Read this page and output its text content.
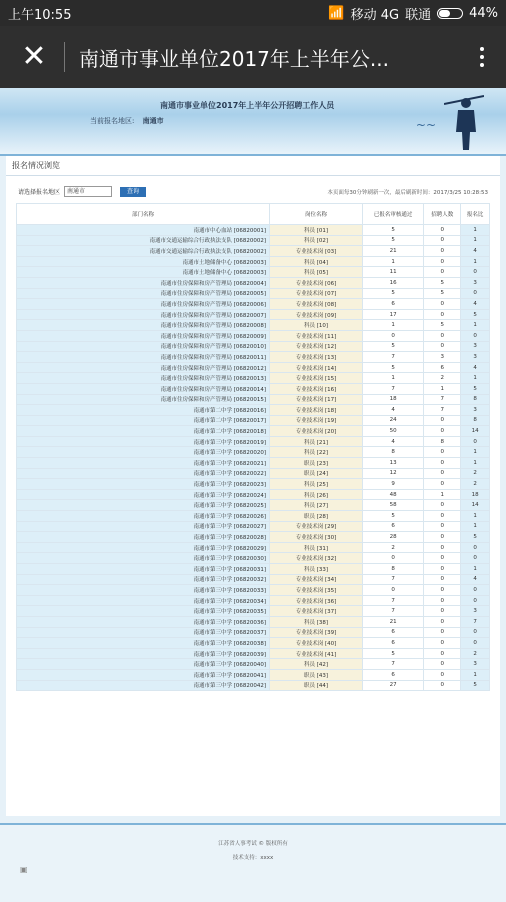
上午10:55	📶 移动 4G 联通	44%
✕	南通市事业单位2017年上半年公...
南通市事业单位2017年上半年公开招聘工作人员
当前报名地区: 南通市	~~
报名情况浏览
请选择报名地区	南通市	查询	本页面每30分钟刷新一次，最后刷新时间：2017/3/25 10:28:53
部门名称	岗位名称	已报名审核通过	招聘人数	报名比
南通市中心血站 [06820001]	科员 [01]	5	0	1
南通市交通运输综合行政执法支队 [06820002]	科员 [02]	5	0	1
南通市交通运输综合行政执法支队 [06820002]	专业技术岗 [03]	21	0	4
南通市土地储备中心 [06820003]	科员 [04]	1	0	1
南通市土地储备中心 [06820003]	科员 [05]	11	0	0
南通市住房保障和房产管理局 [06820004]	专业技术岗 [06]	16	5	3
南通市住房保障和房产管理局 [06820005]	专业技术岗 [07]	5	5	0
南通市住房保障和房产管理局 [06820006]	专业技术岗 [08]	6	0	4
南通市住房保障和房产管理局 [06820007]	专业技术岗 [09]	17	0	5
南通市住房保障和房产管理局 [06820008]	科员 [10]	1	5	1
南通市住房保障和房产管理局 [06820009]	专业技术岗 [11]	0	0	0
南通市住房保障和房产管理局 [06820010]	专业技术岗 [12]	5	0	3
南通市住房保障和房产管理局 [06820011]	专业技术岗 [13]	7	3	3
南通市住房保障和房产管理局 [06820012]	专业技术岗 [14]	5	6	4
南通市住房保障和房产管理局 [06820013]	专业技术岗 [15]	1	2	1
南通市住房保障和房产管理局 [06820014]	专业技术岗 [16]	7	1	5
南通市住房保障和房产管理局 [06820015]	专业技术岗 [17]	18	7	8
南通市第二中学 [06820016]	专业技术岗 [18]	4	7	3
南通市第二中学 [06820017]	专业技术岗 [19]	24	0	8
南通市第二中学 [06820018]	专业技术岗 [20]	50	0	14
南通市第三中学 [06820019]	科员 [21]	4	8	0
南通市第三中学 [06820020]	科员 [22]	8	0	1
南通市第三中学 [06820021]	职员 [23]	13	0	1
南通市第三中学 [06820022]	职员 [24]	12	0	2
南通市第三中学 [06820023]	科员 [25]	9	0	2
南通市第三中学 [06820024]	科员 [26]	48	1	18
南通市第三中学 [06820025]	科员 [27]	58	0	14
南通市第三中学 [06820026]	职员 [28]	5	0	1
南通市第三中学 [06820027]	专业技术岗 [29]	6	0	1
南通市第三中学 [06820028]	专业技术岗 [30]	28	0	5
南通市第三中学 [06820029]	科员 [31]	2	0	0
南通市第三中学 [06820030]	专业技术岗 [32]	0	0	0
南通市第三中学 [06820031]	科员 [33]	8	0	1
南通市第三中学 [06820032]	专业技术岗 [34]	7	0	4
南通市第三中学 [06820033]	专业技术岗 [35]	0	0	0
南通市第三中学 [06820034]	专业技术岗 [36]	7	0	0
南通市第三中学 [06820035]	专业技术岗 [37]	7	0	3
南通市第三中学 [06820036]	科员 [38]	21	0	7
南通市第三中学 [06820037]	专业技术岗 [39]	6	0	0
南通市第三中学 [06820038]	专业技术岗 [40]	6	0	0
南通市第三中学 [06820039]	专业技术岗 [41]	5	0	2
南通市第三中学 [06820040]	科员 [42]	7	0	3
南通市第三中学 [06820041]	职员 [43]	6	0	1
南通市第三中学 [06820042]	职员 [44]	27	0	5
江苏省人事考试 © 版权所有
技术支持：xxxx
▣
